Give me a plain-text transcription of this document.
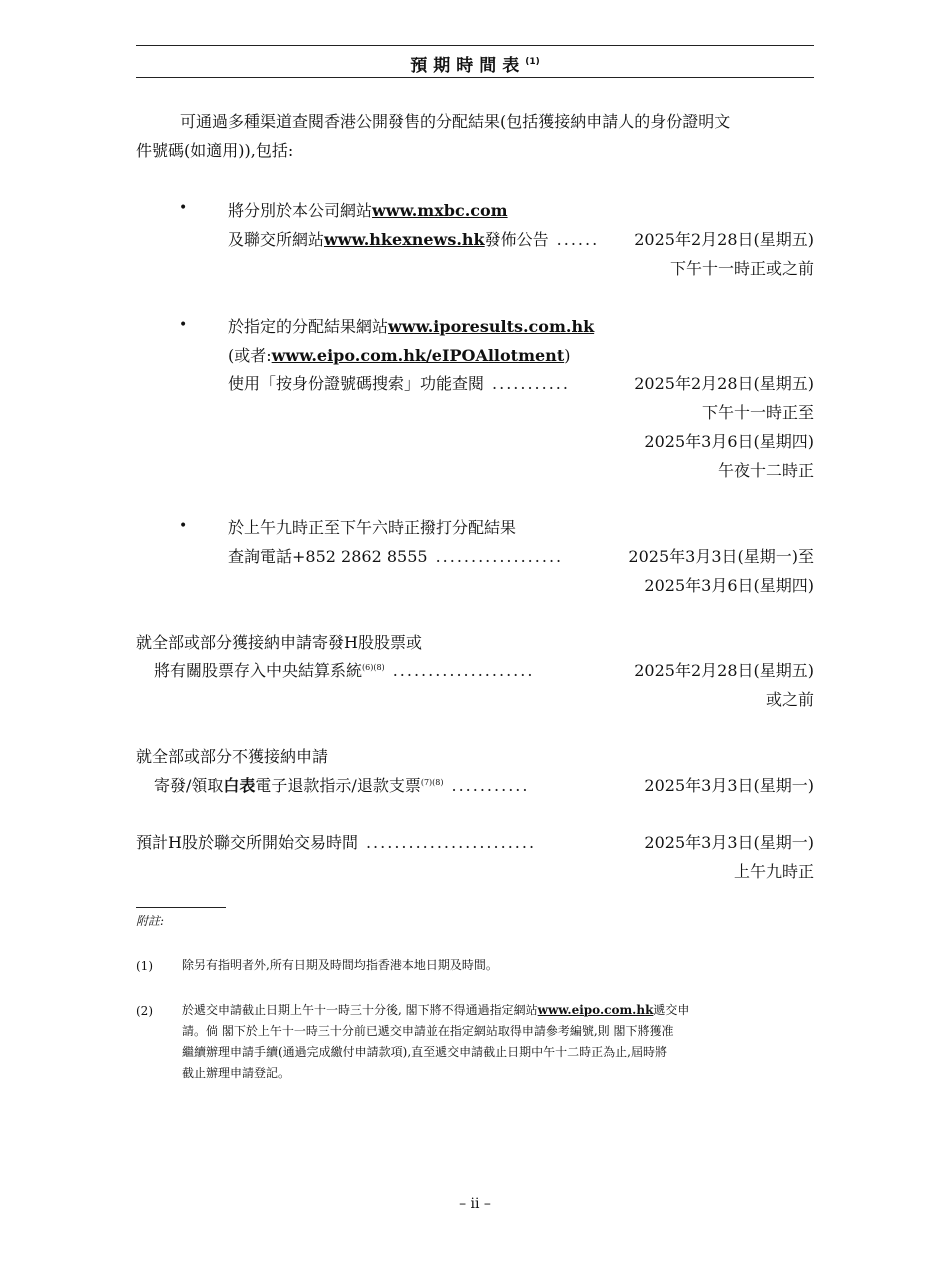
預期時間表$^{(1)}$
可通過多種渠道查閱香港公開發售的分配結果(包括獲接納申請人的身份證明文
件號碼(如適用)),包括:
•	將分別於本公司網站www.mxbc.com
及聯交所網站www.hkexnews.hk發佈公告 ......	2025年2月28日(星期五)
下午十一時正或之前
•	於指定的分配結果網站www.iporesults.com.hk
(或者:www.eipo.com.hk/eIPOAllotment)
使用「按身份證號碼搜索」功能查閱 ...........	2025年2月28日(星期五)
下午十一時正至
2025年3月6日(星期四)
午夜十二時正
•	於上午九時正至下午六時正撥打分配結果
查詢電話+852 2862 8555 ..................	2025年3月3日(星期一)至
2025年3月6日(星期四)
就全部或部分獲接納申請寄發H股股票或
將有關股票存入中央結算系統$^{(6)(8)}$ ....................	2025年2月28日(星期五)
或之前
就全部或部分不獲接納申請
寄發/領取白表電子退款指示/退款支票$^{(7)(8)}$ ...........	2025年3月3日(星期一)
預計H股於聯交所開始交易時間 ........................	2025年3月3日(星期一)
上午九時正
附註:
(1) 除另有指明者外,所有日期及時間均指香港本地日期及時間。
(2) 於遞交申請截止日期上午十一時三十分後, 閣下將不得通過指定網站www.eipo.com.hk遞交申
請。倘 閣下於上午十一時三十分前已遞交申請並在指定網站取得申請參考編號,則 閣下將獲准
繼續辦理申請手續(通過完成繳付申請款項),直至遞交申請截止日期中午十二時正為止,屆時將
截止辦理申請登記。
– ii –
